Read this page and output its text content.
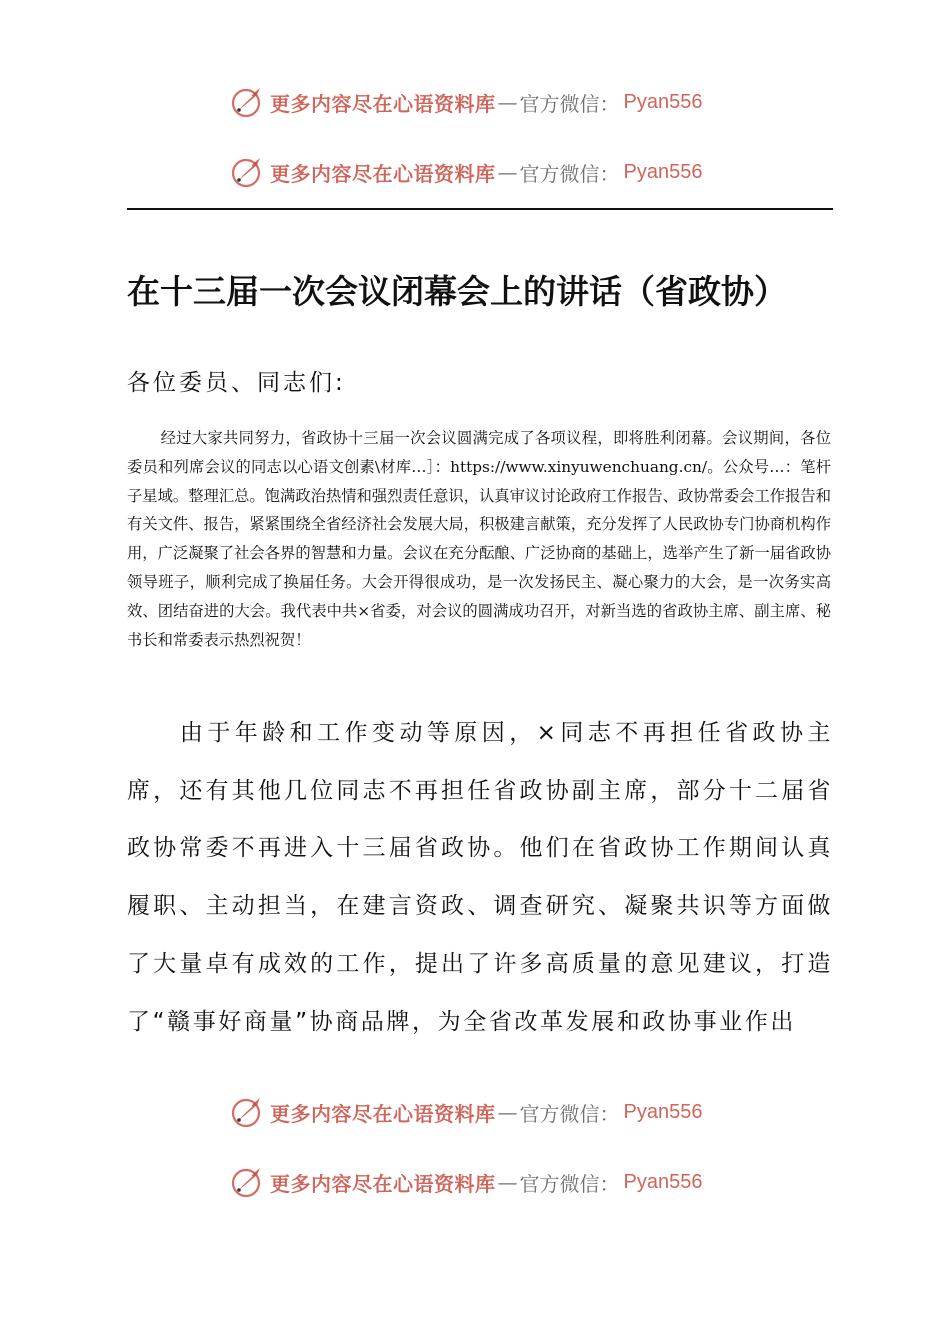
更多内容尽在心语资料库 — 官方微信： Pyan556
更多内容尽在心语资料库 — 官方微信： Pyan556
在十三届一次会议闭幕会上的讲话（省政协）
各位委员、同志们:

经过大家共同努力，省政协十三届一次会议圆满完成了各项议程，即将胜利闭幕。会议期间，各位委员和列席会议的同志以心语文创素\材库…］：https://www.xinyuwenchuang.cn/。公众号…：笔杆子星域。整理汇总。饱满政治热情和强烈责任意识，认真审议讨论政府工作报告、政协常委会工作报告和有关文件、报告，紧紧围绕全省经济社会发展大局，积极建言献策，充分发挥了人民政协专门协商机构作用，广泛凝聚了社会各界的智慧和力量。会议在充分酝酿、广泛协商的基础上，选举产生了新一届省政协领导班子，顺利完成了换届任务。大会开得很成功，是一次发扬民主、凝心聚力的大会，是一次务实高效、团结奋进的大会。我代表中共×省委，对会议的圆满成功召开，对新当选的省政协主席、副主席、秘书长和常委表示热烈祝贺！

由于年龄和工作变动等原因，×同志不再担任省政协主席，还有其他几位同志不再担任省政协副主席，部分十二届省政协常委不再进入十三届省政协。他们在省政协工作期间认真履职、主动担当，在建言资政、调查研究、凝聚共识等方面做了大量卓有成效的工作，提出了许多高质量的意见建议，打造了“赣事好商量”协商品牌，为全省改革发展和政协事业作出

更多内容尽在心语资料库 — 官方微信： Pyan556
更多内容尽在心语资料库 — 官方微信： Pyan556
